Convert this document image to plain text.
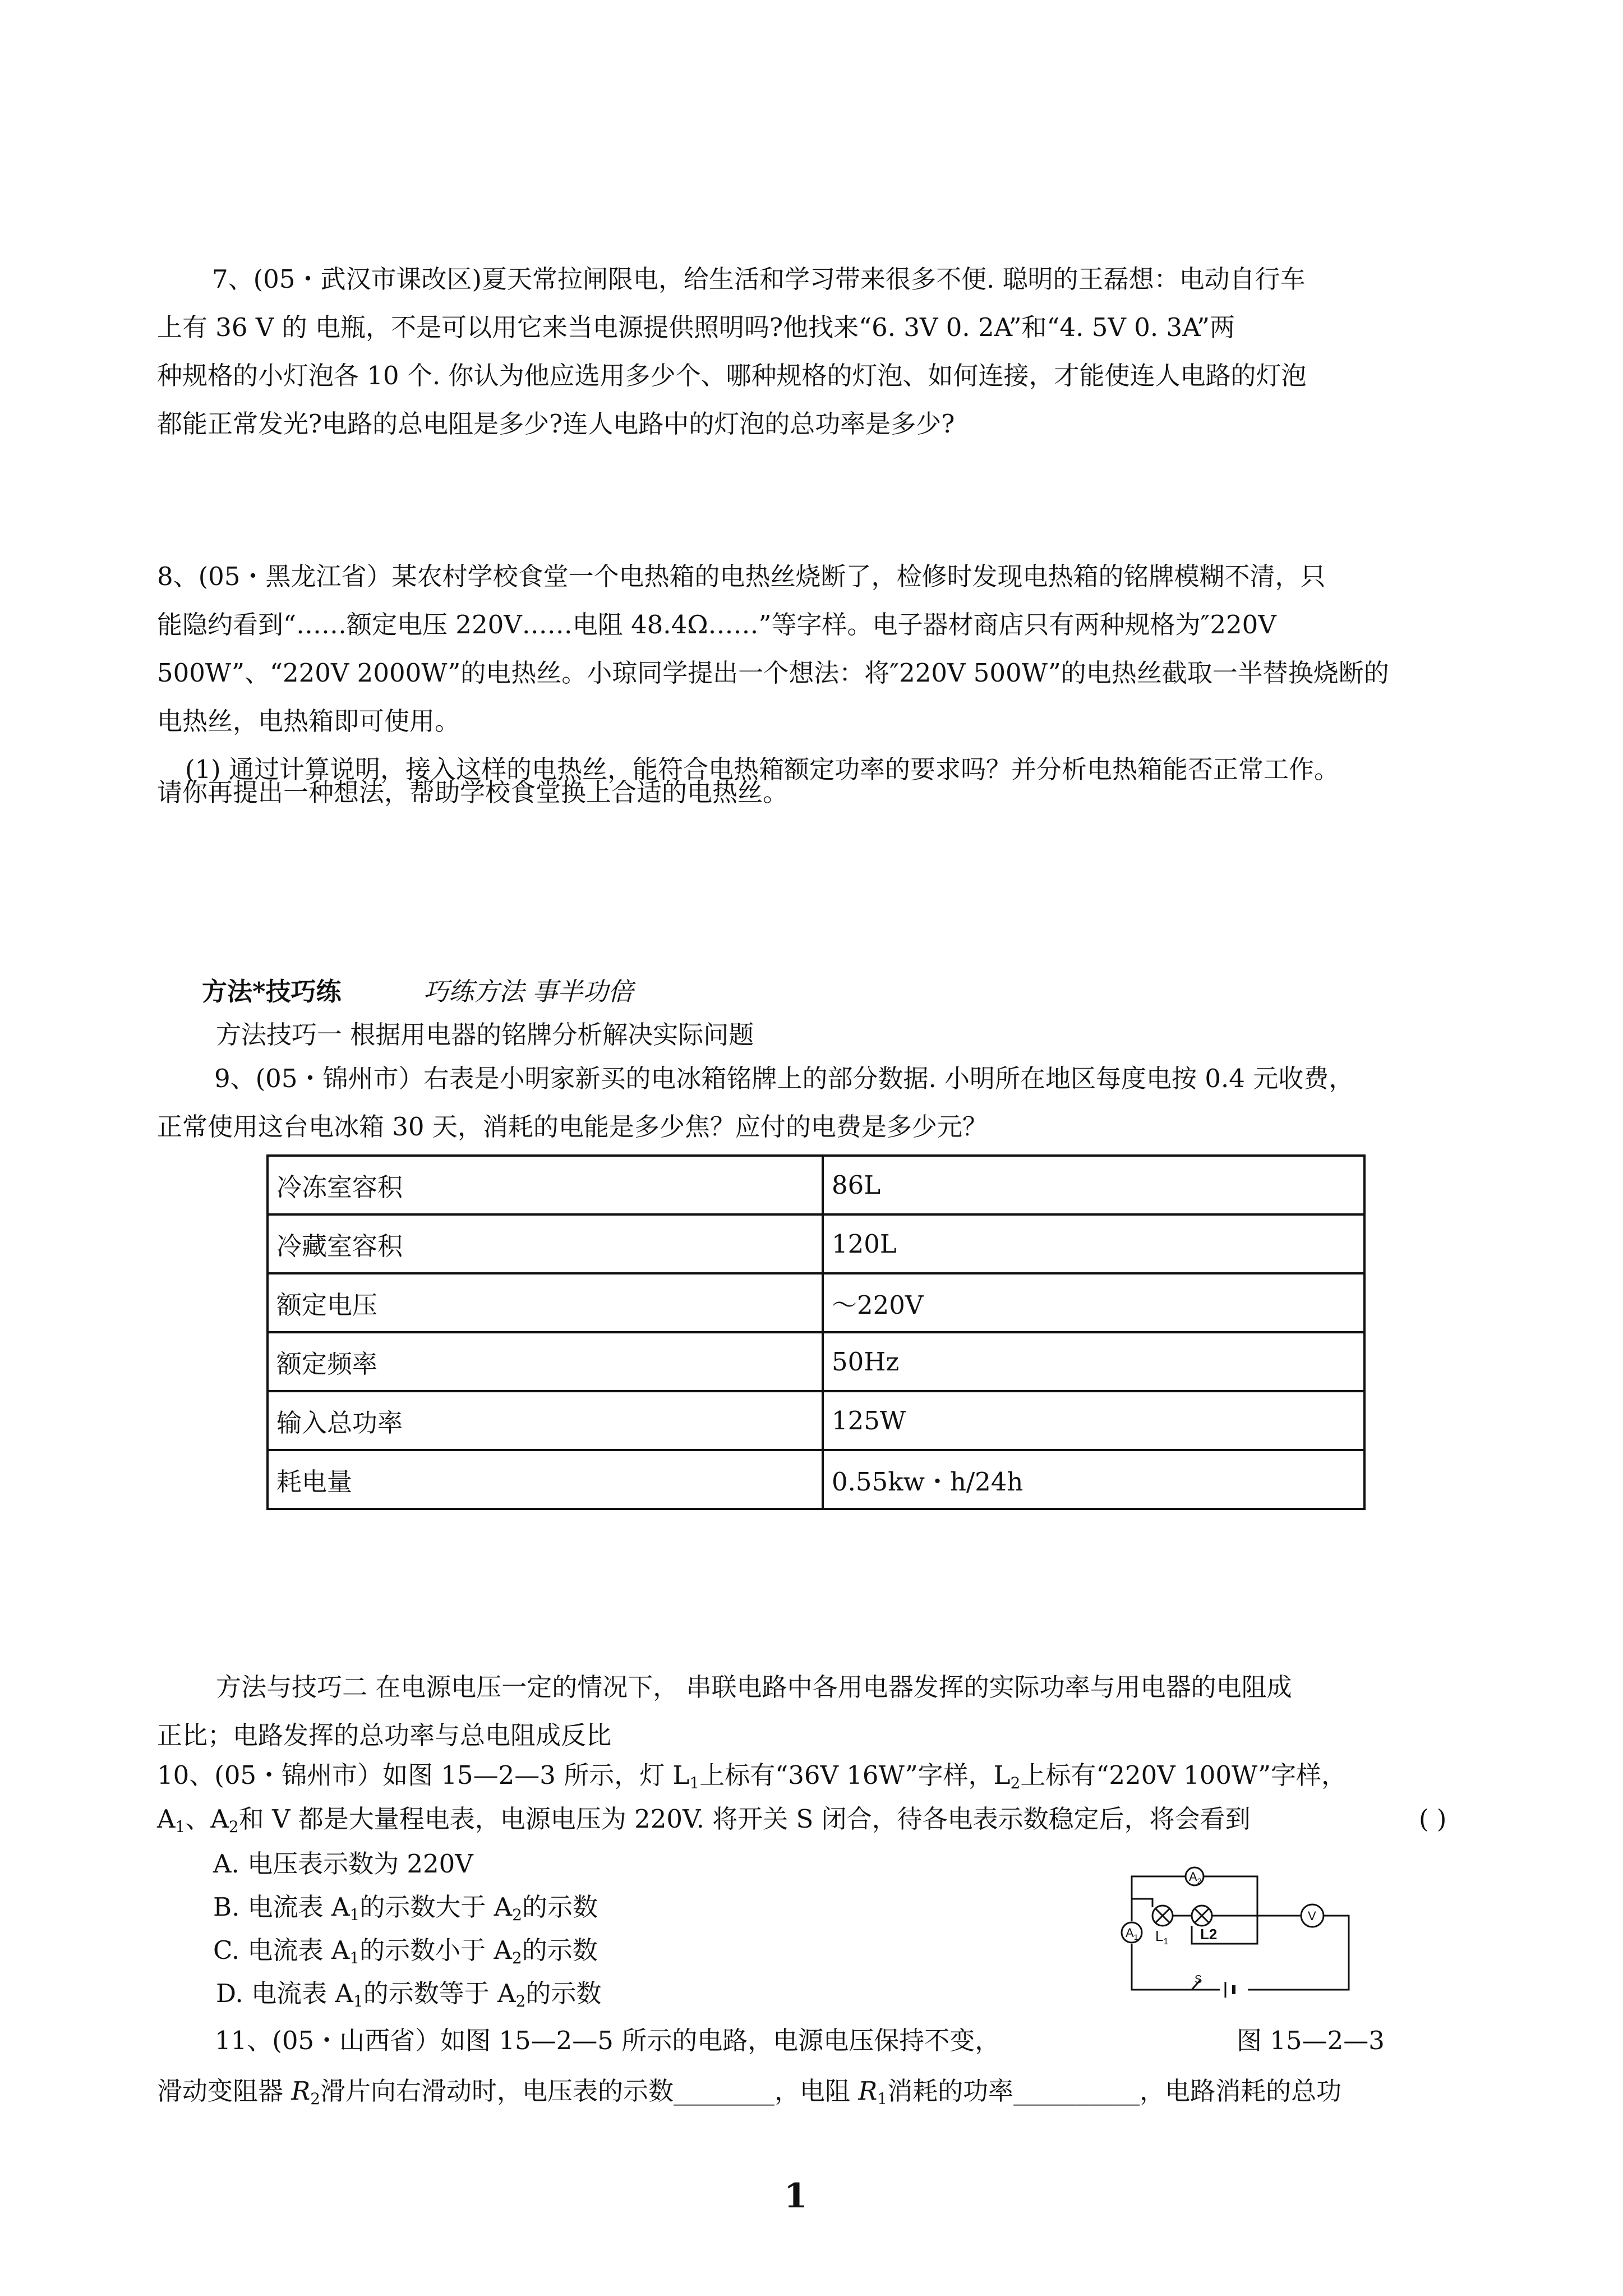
7、(05・武汉市课改区)夏天常拉闸限电，给生活和学习带来很多不便. 聪明的王磊想：电动自行车

上有 36 V 的 电瓶，不是可以用它来当电源提供照明吗?他找来“6. 3V 0. 2A”和“4. 5V 0. 3A”两

种规格的小灯泡各 10 个. 你认为他应选用多少个、哪种规格的灯泡、如何连接，才能使连人电路的灯泡

都能正常发光?电路的总电阻是多少?连人电路中的灯泡的总功率是多少?

8、(05・黑龙江省）某农村学校食堂一个电热箱的电热丝烧断了，检修时发现电热箱的铭牌模糊不清，只

能隐约看到“……额定电压 220V……电阻 48.4Ω……”等字样。电子器材商店只有两种规格为″220V

500W”、“220V 2000W”的电热丝。小琼同学提出一个想法：将″220V 500W”的电热丝截取一半替换烧断的

电热丝，电热箱即可使用。

(1) 通过计算说明，接入这样的电热丝，能符合电热箱额定功率的要求吗？并分析电热箱能否正常工作。

请你再提出一种想法，帮助学校食堂换上合适的电热丝。
方法*技巧练	巧练方法 事半功倍
方法技巧一 根据用电器的铭牌分析解决实际问题

9、(05・锦州市）右表是小明家新买的电冰箱铭牌上的部分数据. 小明所在地区每度电按 0.4 元收费，

正常使用这台电冰箱 30 天，消耗的电能是多少焦？应付的电费是多少元？

冷冻室容积	86L
冷藏室容积	120L
额定电压	～220V
额定频率	50Hz
输入总功率	125W
耗电量	0.55kw・h/24h

方法与技巧二 在电源电压一定的情况下， 串联电路中各用电器发挥的实际功率与用电器的电阻成

正比；电路发挥的总功率与总电阻成反比

10、(05・锦州市）如图 15—2—3 所示，灯 $L_1$上标有“36V 16W”字样，$L_2$上标有“220V 100W”字样，
$A_1$、$A_2$和 V 都是大量程电表，电源电压为 220V. 将开关 S 闭合，待各电表示数稳定后，将会看到	( )
A. 电压表示数为 220V
B. 电流表 $A_1$的示数大于 $A_2$的示数
C. 电流表 $A_1$的示数小于 $A_2$的示数
D. 电流表 $A_1$的示数等于 $A_2$的示数
$A_2$
$A_1$ $L_1$ L2
V
S
11、(05・山西省）如图 15—2—5 所示的电路，电源电压保持不变，	图 15—2—3
滑动变阻器 $R_2$滑片向右滑动时，电压表的示数________，电阻 $R_1$消耗的功率__________，电路消耗的总功
1
